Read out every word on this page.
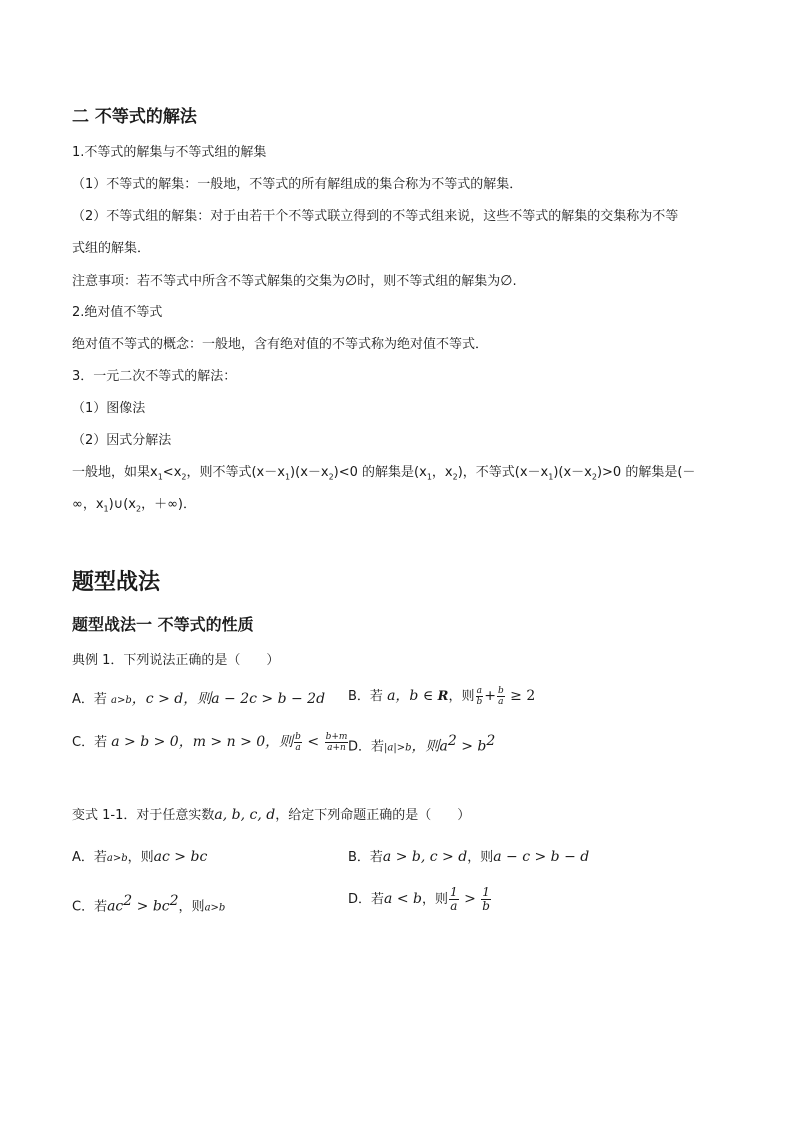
二 不等式的解法
1.不等式的解集与不等式组的解集
（1）不等式的解集：一般地，不等式的所有解组成的集合称为不等式的解集．
（2）不等式组的解集：对于由若干个不等式联立得到的不等式组来说，这些不等式的解集的交集称为不等
式组的解集．
注意事项：若不等式中所含不等式解集的交集为∅时，则不等式组的解集为∅.
2.绝对值不等式
绝对值不等式的概念：一般地，含有绝对值的不等式称为绝对值不等式．
3．一元二次不等式的解法：
（1）图像法
（2）因式分解法
一般地，如果$x_1<x_2$，则不等式$(x-x_1)(x-x_2)<0$ 的解集是($x_1$，$x_2$)，不等式$(x-x_1)(x-x_2)>0$ 的解集是(－
∞，$x_1)\cup(x_2$，＋∞)．
题型战法
题型战法一 不等式的性质
典例 1．下列说法正确的是（　　）
A．若 a>b，c > d，则a − 2c > b − 2d B．若 a，b ∈ R，则 $\frac{a}{b} + \frac{b}{a} \ge 2$
C．若 a > b > 0，m > n > 0，则 $\frac{b}{a} < \frac{b+m}{a+n}$ D．若|a|>b，则$a^2 > b^2$
变式 1-1．对于任意实数a, b, c, d，给定下列命题正确的是（　　）
A．若a>b，则ac > bc	B．若a > b, c > d，则a − c > b − d
C．若$ac^2 > bc^2$，则a>b
D．若a < b，则 $\frac{1}{a} > \frac{1}{b}$
